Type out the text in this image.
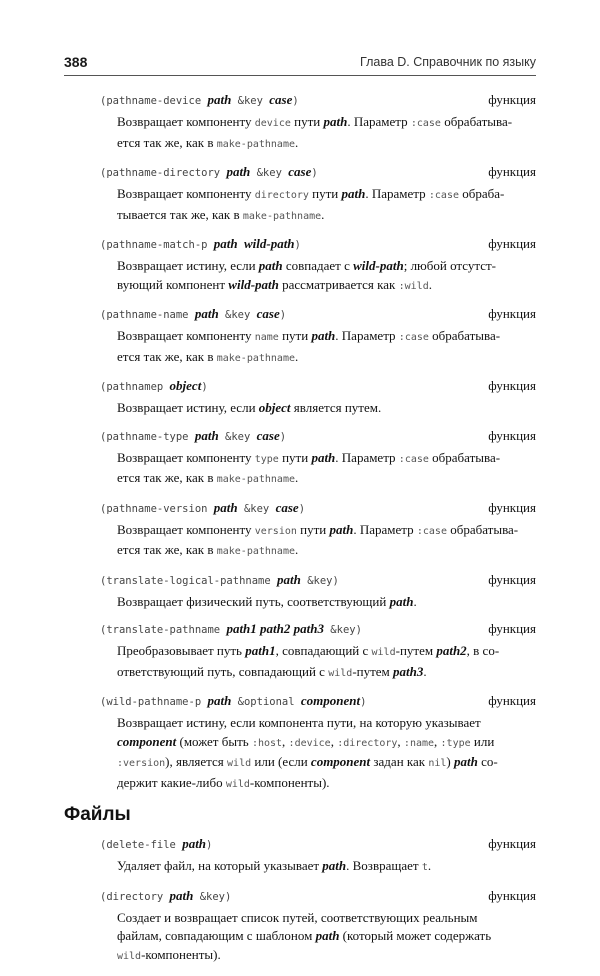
388	Глава D. Справочник по языку
(pathname-device path &key case)	функция
Возвращает компоненту device пути path. Параметр :case обрабатыва-
ется так же, как в make-pathname.
(pathname-directory path &key case)	функция
Возвращает компоненту directory пути path. Параметр :case обраба-
тывается так же, как в make-pathname.
(pathname-match-p path wild-path)	функция
Возвращает истину, если path совпадает с wild-path; любой отсутст-
вующий компонент wild-path рассматривается как :wild.
(pathname-name path &key case)	функция
Возвращает компоненту name пути path. Параметр :case обрабатыва-
ется так же, как в make-pathname.
(pathnamep object)	функция
Возвращает истину, если object является путем.
(pathname-type path &key case)	функция
Возвращает компоненту type пути path. Параметр :case обрабатыва-
ется так же, как в make-pathname.
(pathname-version path &key case)	функция
Возвращает компоненту version пути path. Параметр :case обрабатыва-
ется так же, как в make-pathname.
(translate-logical-pathname path &key)	функция
Возвращает физический путь, соответствующий path.
(translate-pathname path1 path2 path3 &key)	функция
Преобразовывает путь path1, совпадающий с wild-путем path2, в со-
ответствующий путь, совпадающий с wild-путем path3.
(wild-pathname-p path &optional component)	функция
Возвращает истину, если компонента пути, на которую указывает
component (может быть :host, :device, :directory, :name, :type или
:version), является wild или (если component задан как nil) path со-
держит какие-либо wild-компоненты).
Файлы
(delete-file path)	функция
Удаляет файл, на который указывает path. Возвращает t.
(directory path &key)	функция
Создает и возвращает список путей, соответствующих реальным
файлам, совпадающим с шаблоном path (который может содержать
wild-компоненты).
